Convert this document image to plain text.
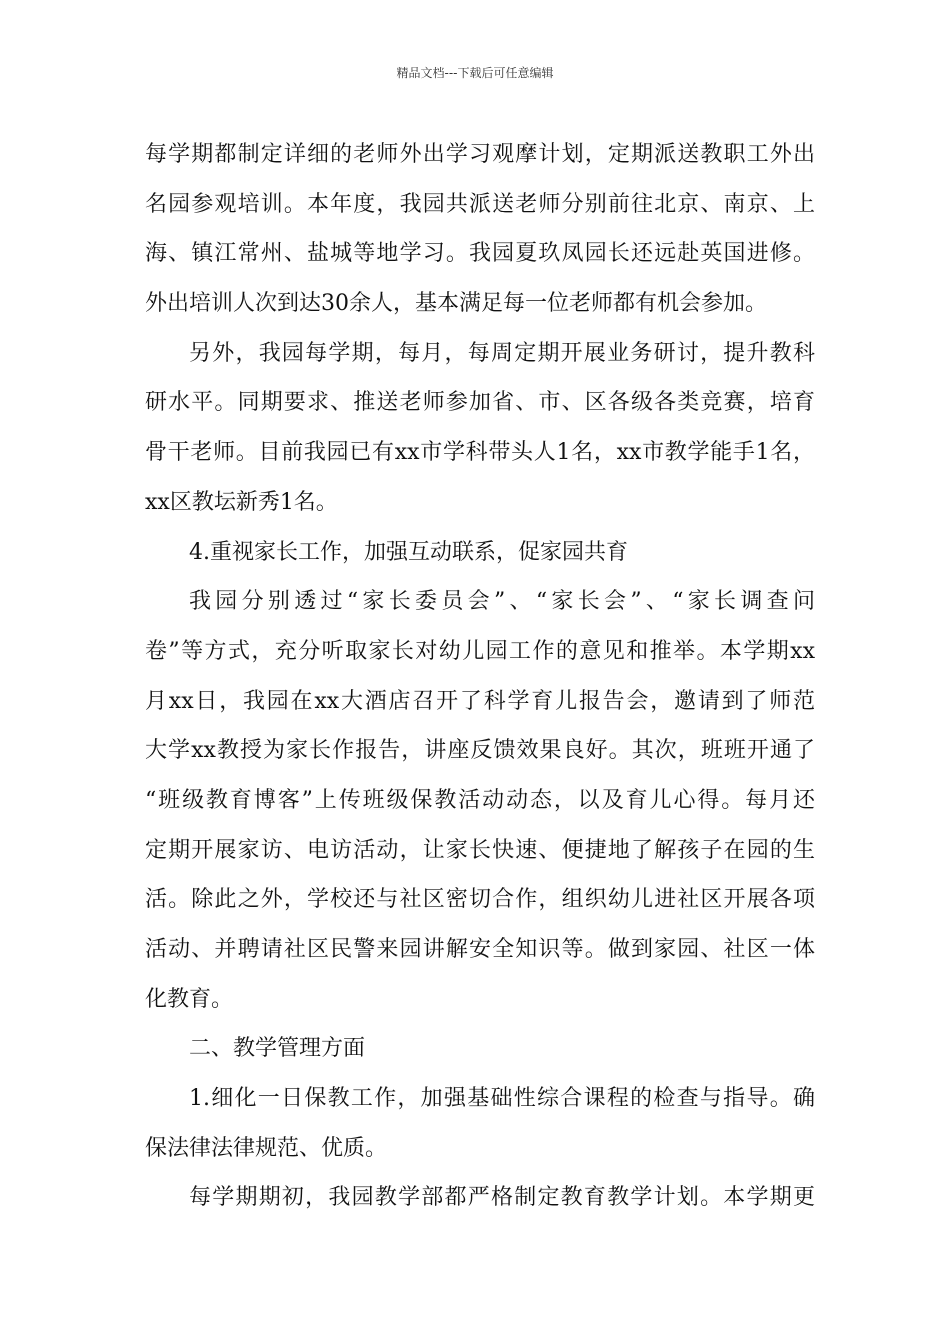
精品文档---下载后可任意编辑
每学期都制定详细的老师外出学习观摩计划，定期派送教职工外出
名园参观培训。本年度，我园共派送老师分别前往北京、南京、上
海、镇江常州、盐城等地学习。我园夏玖凤园长还远赴英国进修。
外出培训人次到达30余人，基本满足每一位老师都有机会参加。
另外，我园每学期，每月，每周定期开展业务研讨，提升教科
研水平。同期要求、推送老师参加省、市、区各级各类竞赛，培育
骨干老师。目前我园已有xx市学科带头人1名，xx市教学能手1名，
xx区教坛新秀1名。
4.重视家长工作，加强互动联系，促家园共育
我园分别透过“家长委员会”、“家长会”、“家长调查问
卷”等方式，充分听取家长对幼儿园工作的意见和推举。本学期xx
月xx日，我园在xx大酒店召开了科学育儿报告会，邀请到了师范
大学xx教授为家长作报告，讲座反馈效果良好。其次，班班开通了
“班级教育博客”上传班级保教活动动态，以及育儿心得。每月还
定期开展家访、电访活动，让家长快速、便捷地了解孩子在园的生
活。除此之外，学校还与社区密切合作，组织幼儿进社区开展各项
活动、并聘请社区民警来园讲解安全知识等。做到家园、社区一体
化教育。
二、教学管理方面
1.细化一日保教工作，加强基础性综合课程的检查与指导。确
保法律法律规范、优质。
每学期期初，我园教学部都严格制定教育教学计划。本学期更
